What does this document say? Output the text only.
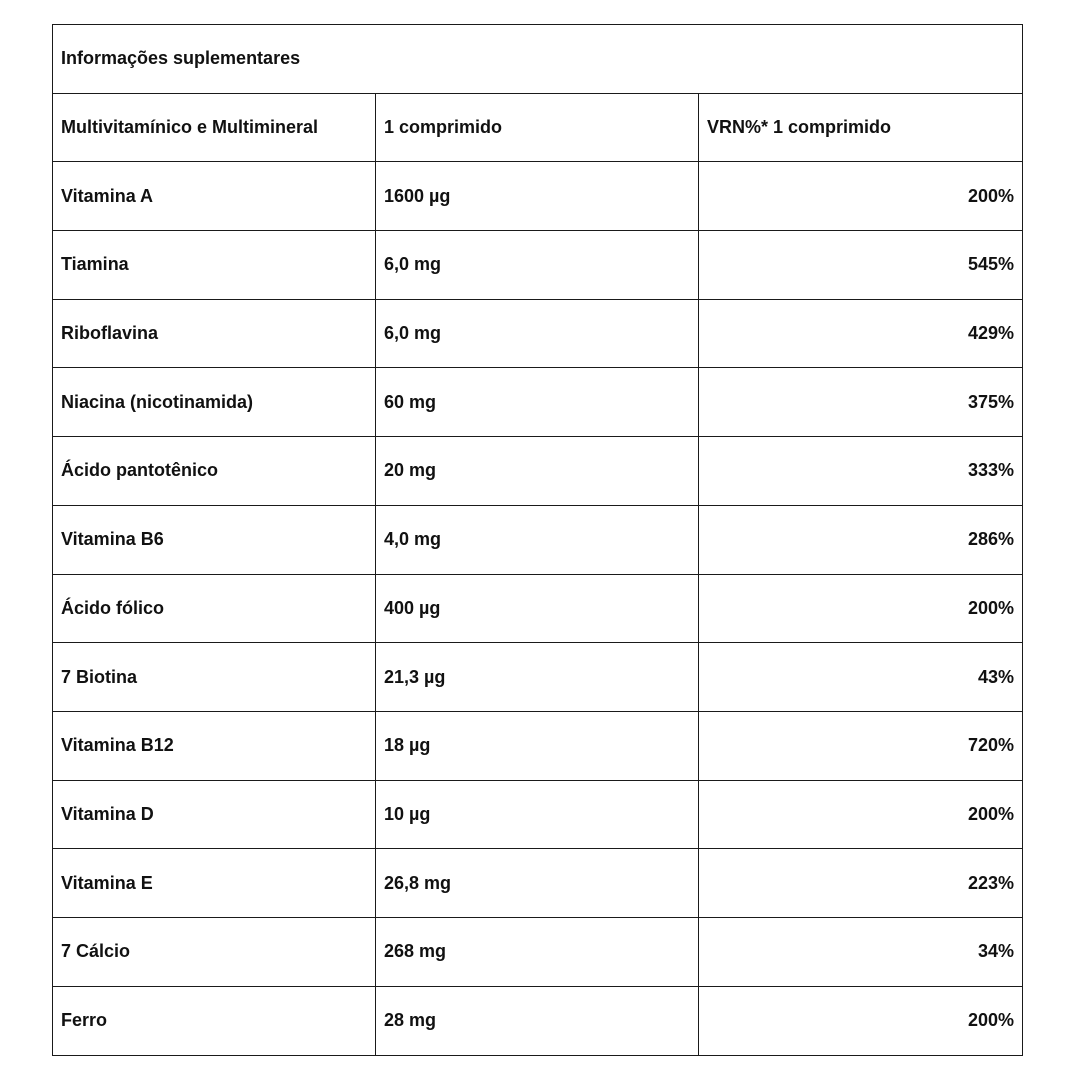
Informações suplementares
Multivitamínico e Multimineral	1 comprimido	VRN%* 1 comprimido
Vitamina A	1600 µg	200%
Tiamina	6,0 mg	545%
Riboflavina	6,0 mg	429%
Niacina (nicotinamida)	60 mg	375%
Ácido pantotênico	20 mg	333%
Vitamina B6	4,0 mg	286%
Ácido fólico	400 µg	200%
7 Biotina	21,3 µg	43%
Vitamina B12	18 µg	720%
Vitamina D	10 µg	200%
Vitamina E	26,8 mg	223%
7 Cálcio	268 mg	34%
Ferro	28 mg	200%
